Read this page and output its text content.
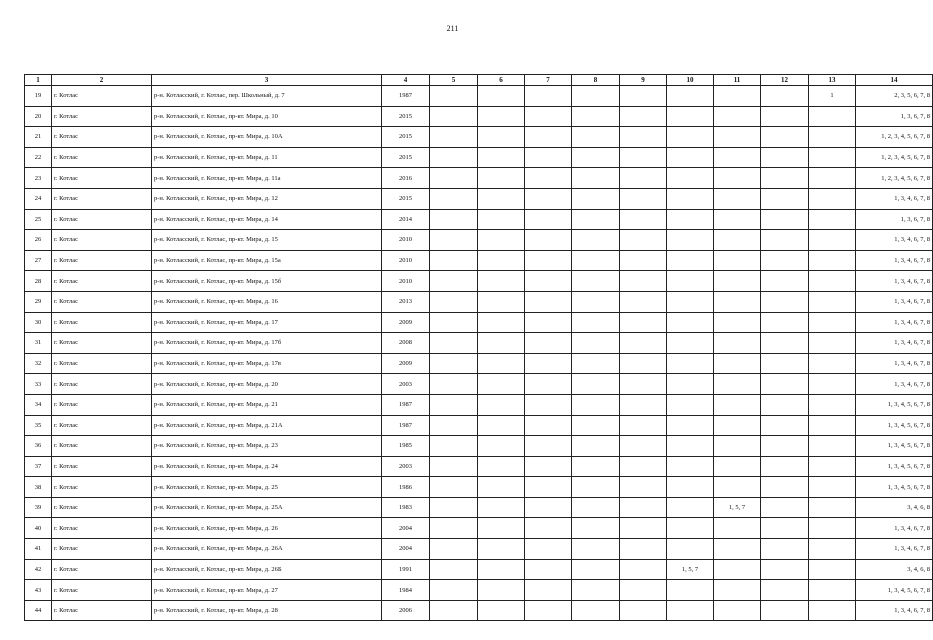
211
1	2	3	4	5	6	7	8	9	10	11	12	13	14
19	г. Котлас	р-н. Котласский, г. Котлас, пер. Школьный, д. 7	1987									1	2, 3, 5, 6, 7, 8
20	г. Котлас	р-н. Котласский, г. Котлас, пр-кт. Мира, д. 10	2015										1, 3, 6, 7, 8
21	г. Котлас	р-н. Котласский, г. Котлас, пр-кт. Мира, д. 10А	2015										1, 2, 3, 4, 5, 6, 7, 8
22	г. Котлас	р-н. Котласский, г. Котлас, пр-кт. Мира, д. 11	2015										1, 2, 3, 4, 5, 6, 7, 8
23	г. Котлас	р-н. Котласский, г. Котлас, пр-кт. Мира, д. 11а	2016										1, 2, 3, 4, 5, 6, 7, 8
24	г. Котлас	р-н. Котласский, г. Котлас, пр-кт. Мира, д. 12	2015										1, 3, 4, 6, 7, 8
25	г. Котлас	р-н. Котласский, г. Котлас, пр-кт. Мира, д. 14	2014										1, 3, 6, 7, 8
26	г. Котлас	р-н. Котласский, г. Котлас, пр-кт. Мира, д. 15	2010										1, 3, 4, 6, 7, 8
27	г. Котлас	р-н. Котласский, г. Котлас, пр-кт. Мира, д. 15а	2010										1, 3, 4, 6, 7, 8
28	г. Котлас	р-н. Котласский, г. Котлас, пр-кт. Мира, д. 15б	2010										1, 3, 4, 6, 7, 8
29	г. Котлас	р-н. Котласский, г. Котлас, пр-кт. Мира, д. 16	2013										1, 3, 4, 6, 7, 8
30	г. Котлас	р-н. Котласский, г. Котлас, пр-кт. Мира, д. 17	2009										1, 3, 4, 6, 7, 8
31	г. Котлас	р-н. Котласский, г. Котлас, пр-кт. Мира, д. 17б	2008										1, 3, 4, 6, 7, 8
32	г. Котлас	р-н. Котласский, г. Котлас, пр-кт. Мира, д. 17в	2009										1, 3, 4, 6, 7, 8
33	г. Котлас	р-н. Котласский, г. Котлас, пр-кт. Мира, д. 20	2003										1, 3, 4, 6, 7, 8
34	г. Котлас	р-н. Котласский, г. Котлас, пр-кт. Мира, д. 21	1987										1, 3, 4, 5, 6, 7, 8
35	г. Котлас	р-н. Котласский, г. Котлас, пр-кт. Мира, д. 21А	1987										1, 3, 4, 5, 6, 7, 8
36	г. Котлас	р-н. Котласский, г. Котлас, пр-кт. Мира, д. 23	1985										1, 3, 4, 5, 6, 7, 8
37	г. Котлас	р-н. Котласский, г. Котлас, пр-кт. Мира, д. 24	2003										1, 3, 4, 5, 6, 7, 8
38	г. Котлас	р-н. Котласский, г. Котлас, пр-кт. Мира, д. 25	1986										1, 3, 4, 5, 6, 7, 8
39	г. Котлас	р-н. Котласский, г. Котлас, пр-кт. Мира, д. 25А	1983							1, 5, 7			3, 4, 6, 8
40	г. Котлас	р-н. Котласский, г. Котлас, пр-кт. Мира, д. 26	2004										1, 3, 4, 6, 7, 8
41	г. Котлас	р-н. Котласский, г. Котлас, пр-кт. Мира, д. 26А	2004										1, 3, 4, 6, 7, 8
42	г. Котлас	р-н. Котласский, г. Котлас, пр-кт. Мира, д. 26Б	1991						1, 5, 7				3, 4, 6, 8
43	г. Котлас	р-н. Котласский, г. Котлас, пр-кт. Мира, д. 27	1984										1, 3, 4, 5, 6, 7, 8
44	г. Котлас	р-н. Котласский, г. Котлас, пр-кт. Мира, д. 28	2006										1, 3, 4, 6, 7, 8
